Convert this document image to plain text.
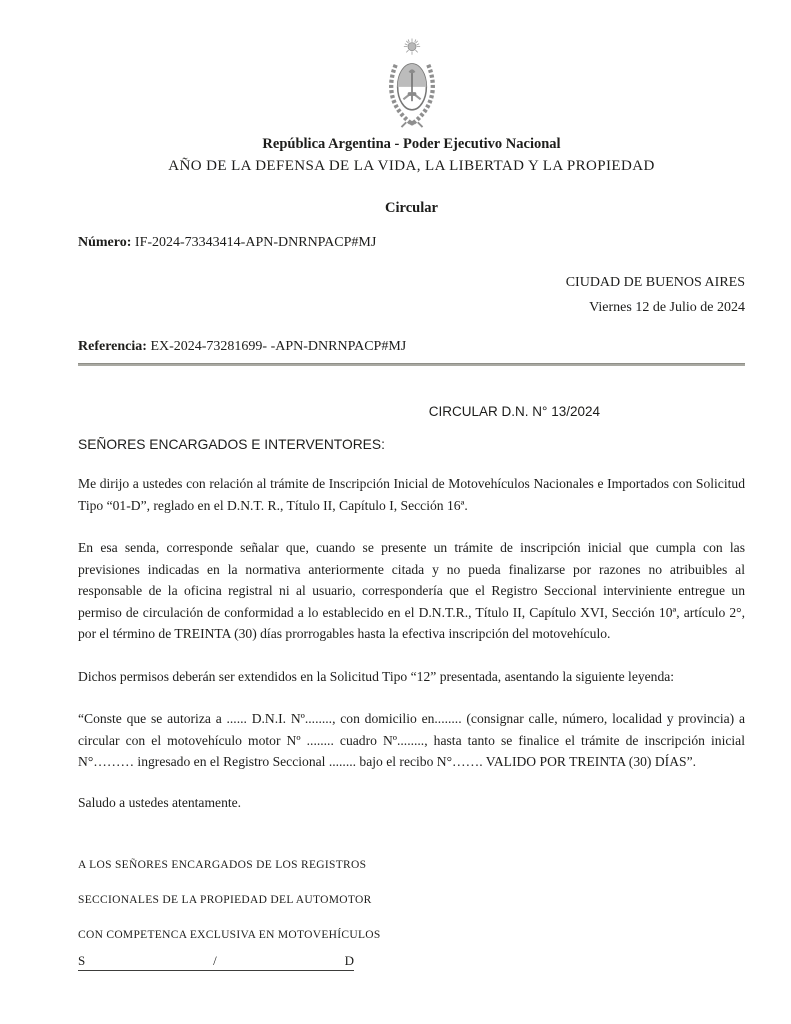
República Argentina - Poder Ejecutivo Nacional
AÑO DE LA DEFENSA DE LA VIDA, LA LIBERTAD Y LA PROPIEDAD
Circular
Número: IF-2024-73343414-APN-DNRNPACP#MJ
CIUDAD DE BUENOS AIRES
Viernes 12 de Julio de 2024
Referencia: EX-2024-73281699- -APN-DNRNPACP#MJ
CIRCULAR D.N. N° 13/2024
SEÑORES ENCARGADOS E INTERVENTORES:

Me dirijo a ustedes con relación al trámite de Inscripción Inicial de Motovehículos Nacionales e Importados con Solicitud Tipo “01-D”, reglado en el D.N.T. R., Título II, Capítulo I, Sección 16ª.

En esa senda, corresponde señalar que, cuando se presente un trámite de inscripción inicial que cumpla con las previsiones indicadas en la normativa anteriormente citada y no pueda finalizarse por razones no atribuibles al responsable de la oficina registral ni al usuario, correspondería que el Registro Seccional interviniente entregue un permiso de circulación de conformidad a lo establecido en el D.N.T.R., Título II, Capítulo XVI, Sección 10ª, artículo 2°, por el término de TREINTA (30) días prorrogables hasta la efectiva inscripción del motovehículo.

Dichos permisos deberán ser extendidos en la Solicitud Tipo “12” presentada, asentando la siguiente leyenda:

“Conste que se autoriza a ...... D.N.I. Nº........, con domicilio en........ (consignar calle, número, localidad y provincia) a circular con el motovehículo motor Nº ........ cuadro Nº........, hasta tanto se finalice el trámite de inscripción inicial N°……… ingresado en el Registro Seccional ........ bajo el recibo N°……. VALIDO POR TREINTA (30) DÍAS”.

Saludo a ustedes atentamente.
A LOS SEÑORES ENCARGADOS DE LOS REGISTROS
SECCIONALES DE LA PROPIEDAD DEL AUTOMOTOR
CON COMPETENCA EXCLUSIVA EN MOTOVEHÍCULOS
S	/	D
